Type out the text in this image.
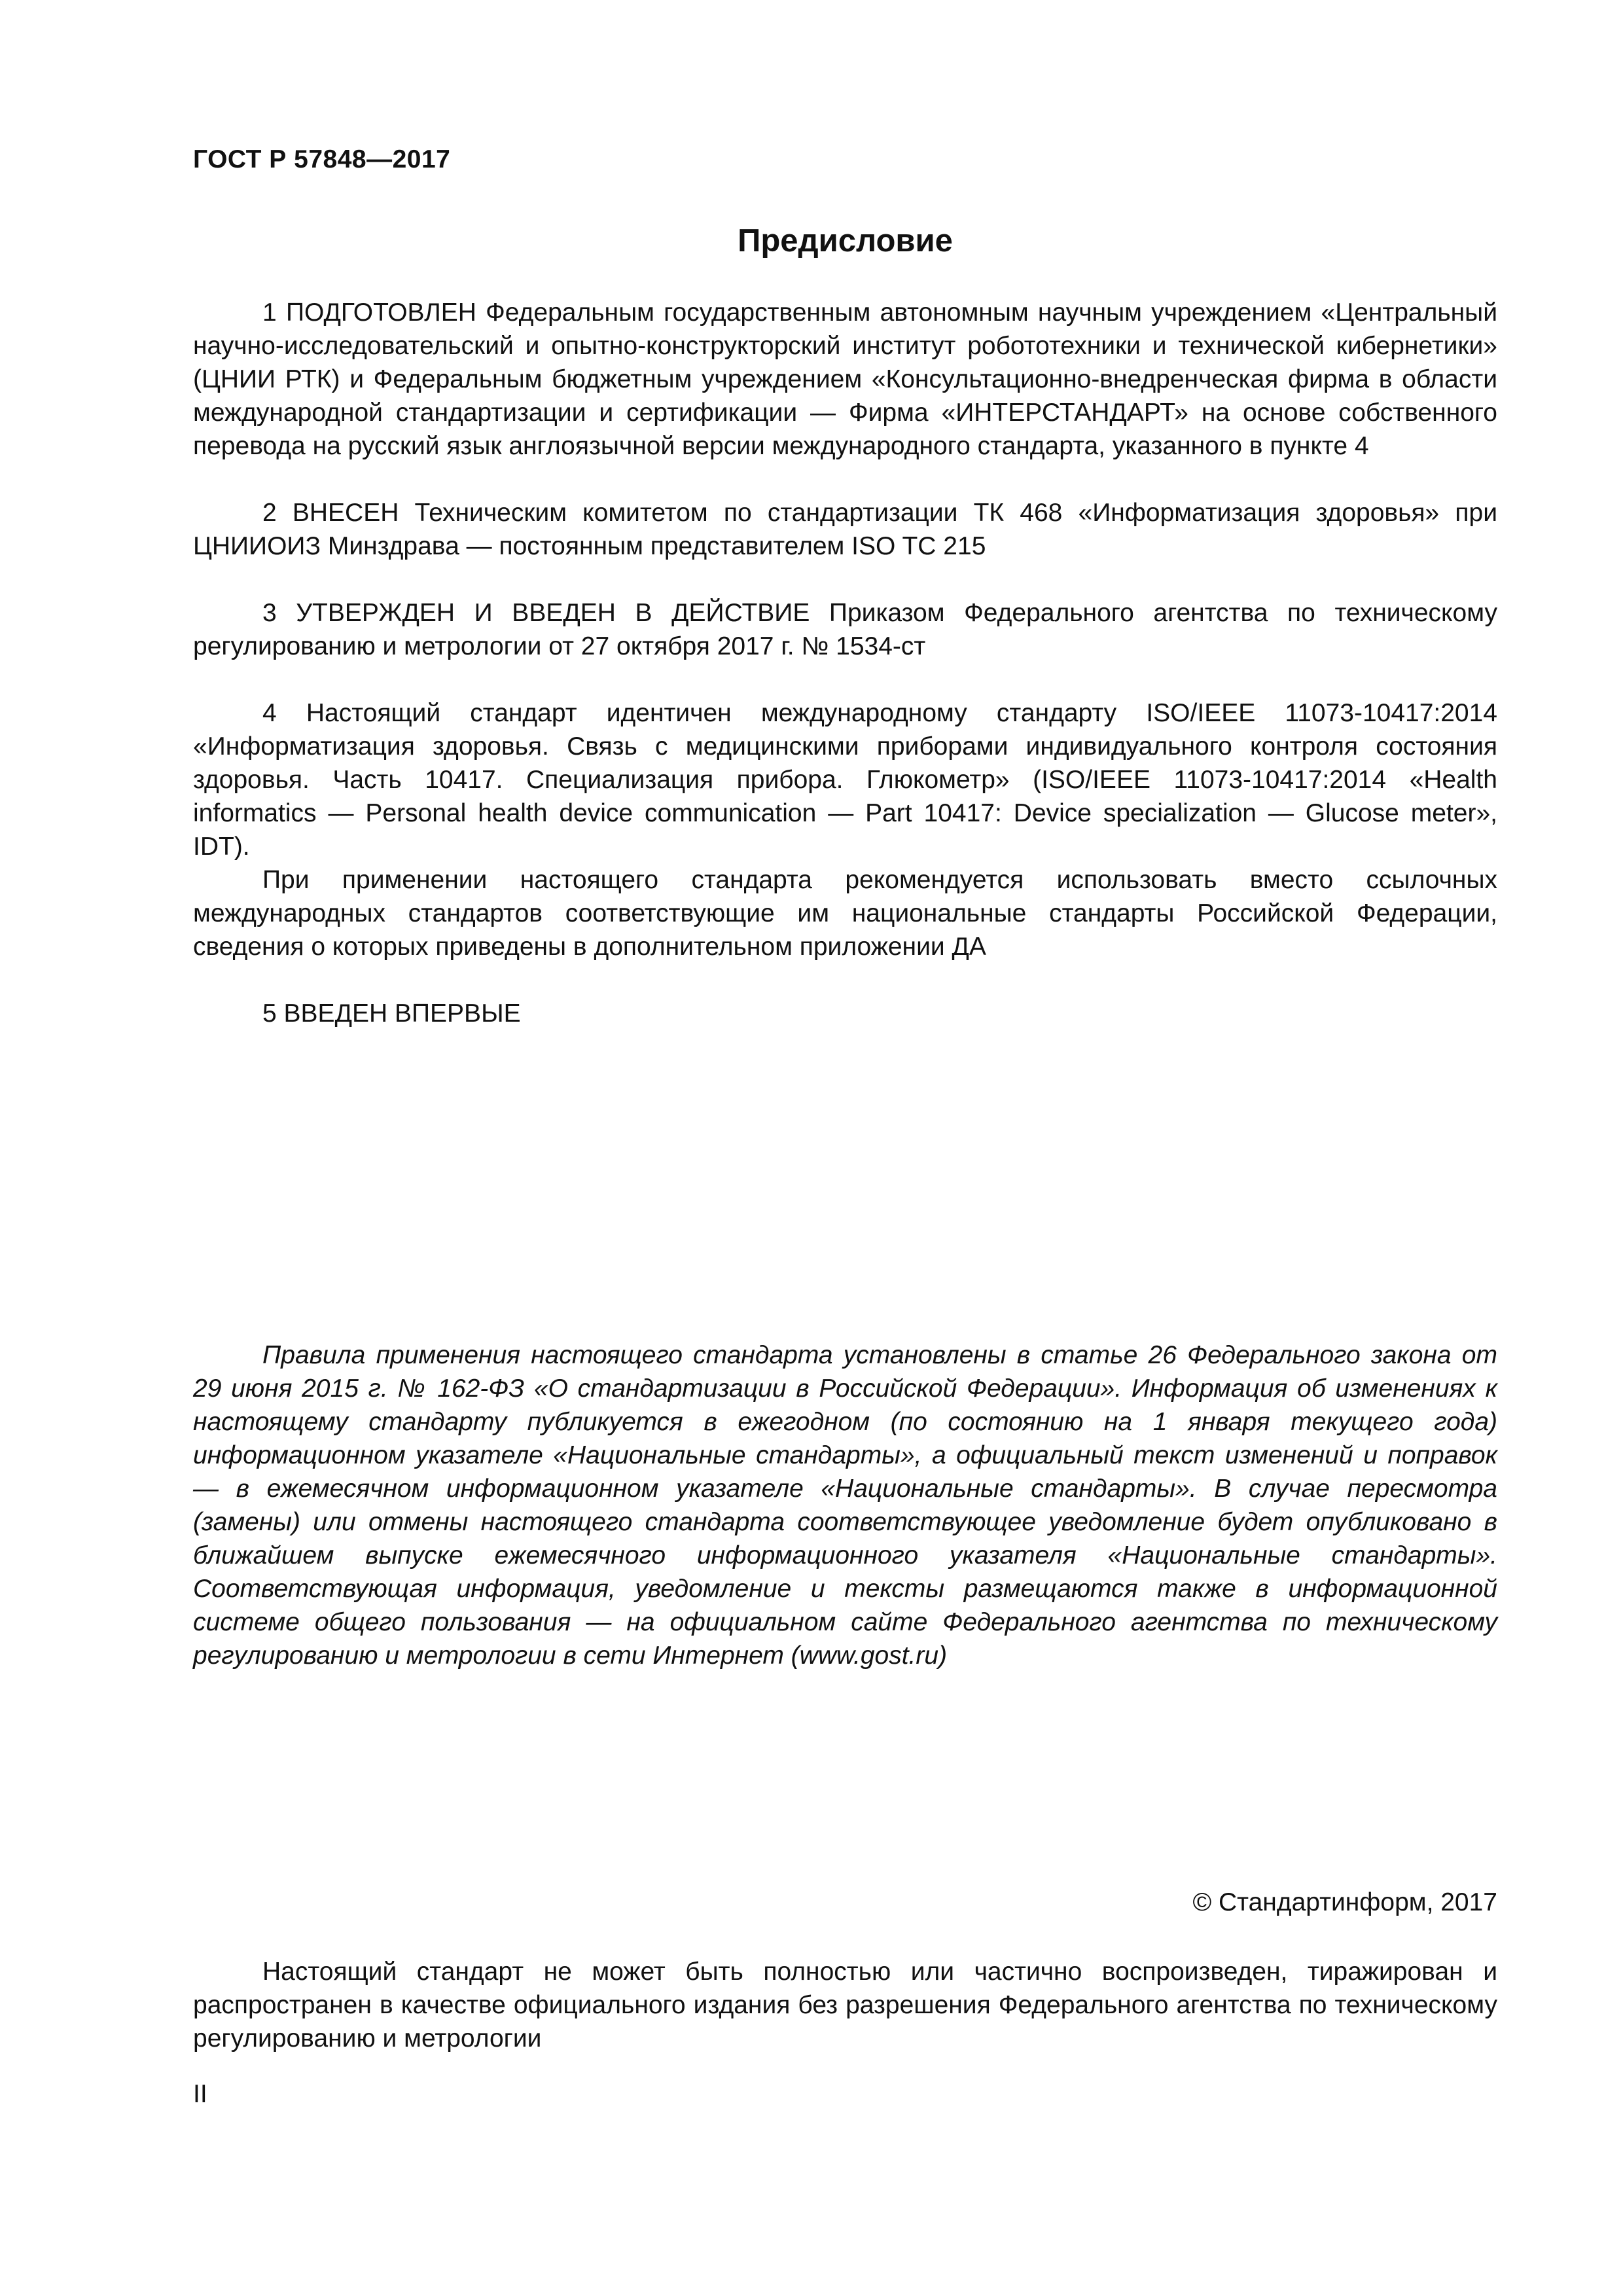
ГОСТ Р 57848—2017
Предисловие

1 ПОДГОТОВЛЕН Федеральным государственным автономным научным учреждением «Центральный научно-исследовательский и опытно-конструкторский институт робототехники и технической кибернетики» (ЦНИИ РТК) и Федеральным бюджетным учреждением «Консультационно-внедренческая фирма в области международной стандартизации и сертификации — Фирма «ИНТЕРСТАНДАРТ» на основе собственного перевода на русский язык англоязычной версии международного стандарта, указанного в пункте 4

2 ВНЕСЕН Техническим комитетом по стандартизации ТК 468 «Информатизация здоровья» при ЦНИИОИЗ Минздрава — постоянным представителем ISO TC 215

3 УТВЕРЖДЕН И ВВЕДЕН В ДЕЙСТВИЕ Приказом Федерального агентства по техническому регулированию и метрологии от 27 октября 2017 г. № 1534-ст

4 Настоящий стандарт идентичен международному стандарту ISO/IEEE 11073-10417:2014 «Информатизация здоровья. Связь с медицинскими приборами индивидуального контроля состояния здоровья. Часть 10417. Специализация прибора. Глюкометр» (ISO/IEEE 11073-10417:2014 «Health informatics — Personal health device communication — Part 10417: Device specialization — Glucose meter», IDT).

При применении настоящего стандарта рекомендуется использовать вместо ссылочных международных стандартов соответствующие им национальные стандарты Российской Федерации, сведения о которых приведены в дополнительном приложении ДА

5 ВВЕДЕН ВПЕРВЫЕ

Правила применения настоящего стандарта установлены в статье 26 Федерального закона от 29 июня 2015 г. № 162-ФЗ «О стандартизации в Российской Федерации». Информация об изменениях к настоящему стандарту публикуется в ежегодном (по состоянию на 1 января текущего года) информационном указателе «Национальные стандарты», а официальный текст изменений и поправок — в ежемесячном информационном указателе «Национальные стандарты». В случае пересмотра (замены) или отмены настоящего стандарта соответствующее уведомление будет опубликовано в ближайшем выпуске ежемесячного информационного указателя «Национальные стандарты». Соответствующая информация, уведомление и тексты размещаются также в информационной системе общего пользования — на официальном сайте Федерального агентства по техническому регулированию и метрологии в сети Интернет (www.gost.ru)

© Стандартинформ, 2017

Настоящий стандарт не может быть полностью или частично воспроизведен, тиражирован и распространен в качестве официального издания без разрешения Федерального агентства по техническому регулированию и метрологии

II
